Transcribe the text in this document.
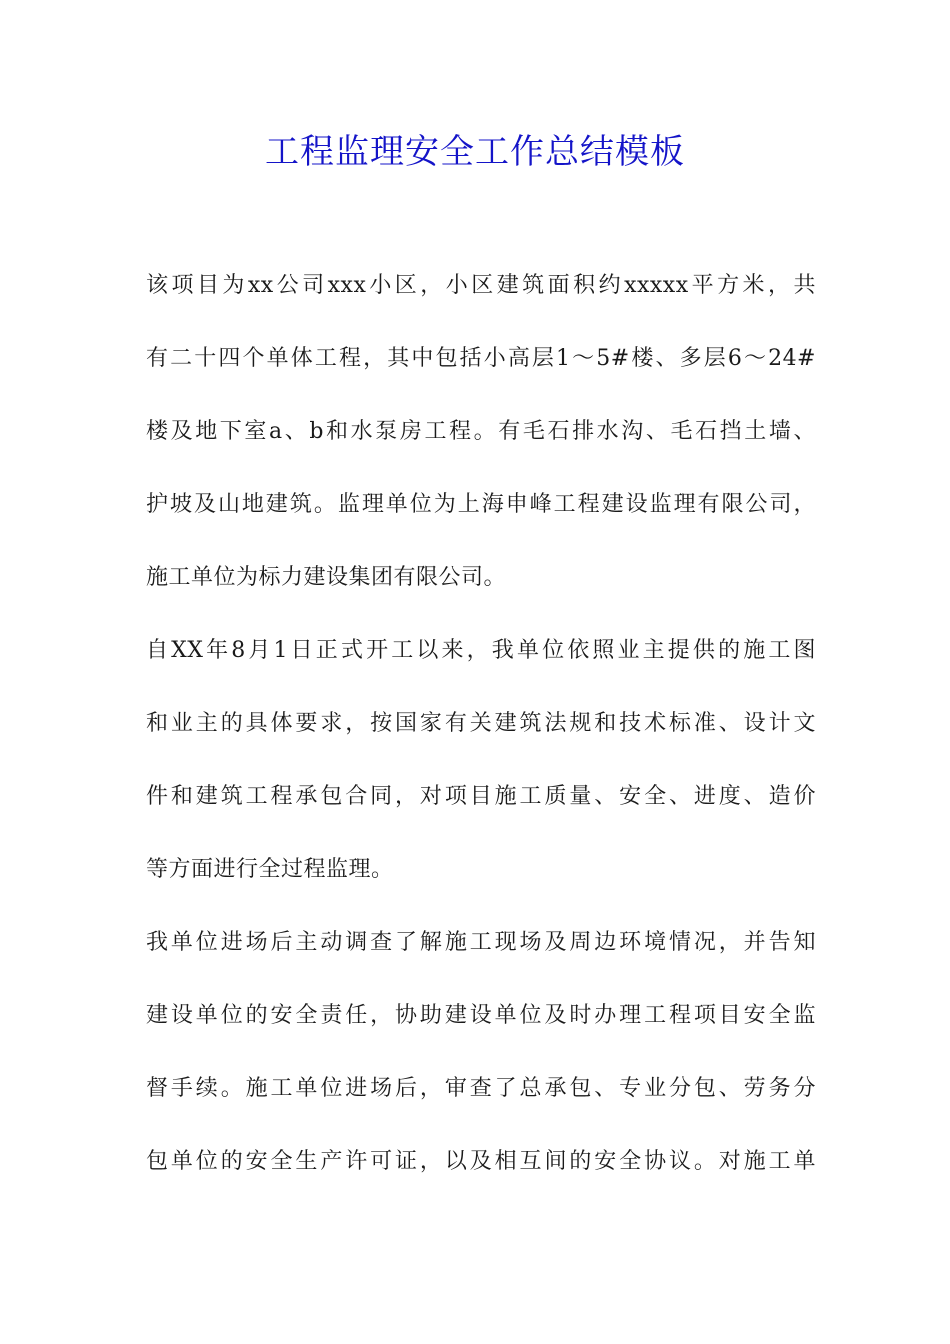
工程监理安全工作总结模板
该项目为xx公司xxx小区，小区建筑面积约xxxxx平方米，共
有二十四个单体工程，其中包括小高层1～5#楼、多层6～24#
楼及地下室a、b和水泵房工程。有毛石排水沟、毛石挡土墙、
护坡及山地建筑。监理单位为上海申峰工程建设监理有限公司，
施工单位为标力建设集团有限公司。
自XX年8月1日正式开工以来，我单位依照业主提供的施工图
和业主的具体要求，按国家有关建筑法规和技术标准、设计文
件和建筑工程承包合同，对项目施工质量、安全、进度、造价
等方面进行全过程监理。
我单位进场后主动调查了解施工现场及周边环境情况，并告知
建设单位的安全责任，协助建设单位及时办理工程项目安全监
督手续。施工单位进场后，审查了总承包、专业分包、劳务分
包单位的安全生产许可证，以及相互间的安全协议。对施工单
